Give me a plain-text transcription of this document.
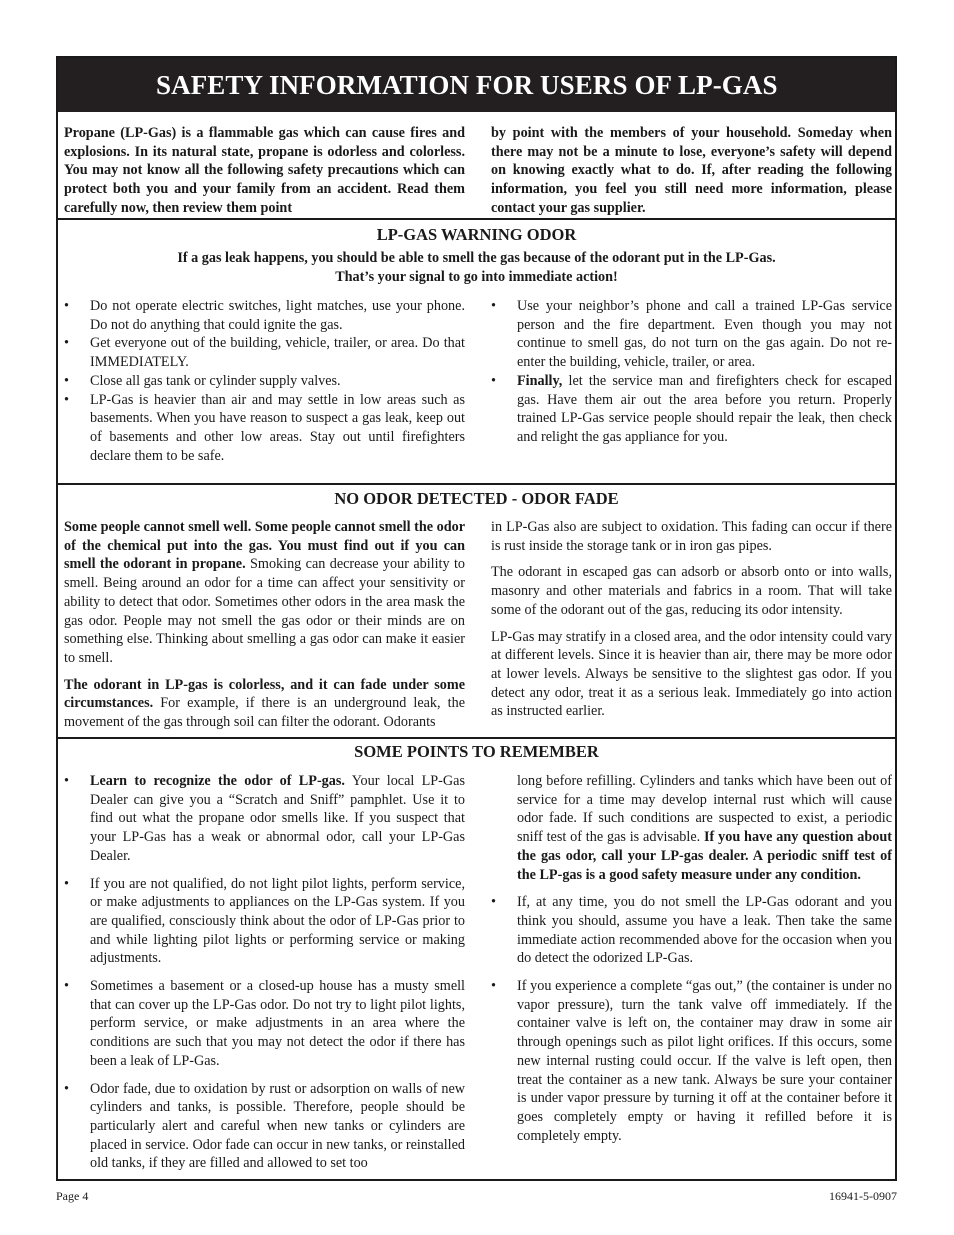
SAFETY INFORMATION FOR USERS OF LP-GAS
Propane (LP-Gas) is a flammable gas which can cause fires and explosions. In its natural state, propane is odorless and colorless. You may not know all the following safety precautions which can protect both you and your family from an accident. Read them carefully now, then review them point
by point with the members of your household. Someday when there may not be a minute to lose, everyone’s safety will depend on knowing exactly what to do. If, after reading the following information, you feel you still need more information, please contact your gas supplier.
LP-GAS WARNING ODOR
If a gas leak happens, you should be able to smell the gas because of the odorant put in the LP-Gas.
That’s your signal to go into immediate action!
• Do not operate electric switches, light matches, use your phone. Do not do anything that could ignite the gas.
• Get everyone out of the building, vehicle, trailer, or area. Do that IMMEDIATELY.
• Close all gas tank or cylinder supply valves.
• LP-Gas is heavier than air and may settle in low areas such as basements. When you have reason to suspect a gas leak, keep out of basements and other low areas. Stay out until firefighters declare them to be safe.
• Use your neighbor’s phone and call a trained LP-Gas service person and the fire department. Even though you may not continue to smell gas, do not turn on the gas again. Do not re-enter the building, vehicle, trailer, or area.
• Finally, let the service man and firefighters check for escaped gas. Have them air out the area before you return. Properly trained LP-Gas service people should repair the leak, then check and relight the gas appliance for you.
NO ODOR DETECTED - ODOR FADE

Some people cannot smell well. Some people cannot smell the odor of the chemical put into the gas. You must find out if you can smell the odorant in propane. Smoking can decrease your ability to smell. Being around an odor for a time can affect your sensitivity or ability to detect that odor. Sometimes other odors in the area mask the gas odor. People may not smell the gas odor or their minds are on something else. Thinking about smelling a gas odor can make it easier to smell.

The odorant in LP-gas is colorless, and it can fade under some circumstances. For example, if there is an underground leak, the movement of the gas through soil can filter the odorant. Odorants

in LP-Gas also are subject to oxidation. This fading can occur if there is rust inside the storage tank or in iron gas pipes.

The odorant in escaped gas can adsorb or absorb onto or into walls, masonry and other materials and fabrics in a room. That will take some of the odorant out of the gas, reducing its odor intensity.

LP-Gas may stratify in a closed area, and the odor intensity could vary at different levels. Since it is heavier than air, there may be more odor at lower levels. Always be sensitive to the slightest gas odor. If you detect any odor, treat it as a serious leak. Immediately go into action as instructed earlier.

SOME POINTS TO REMEMBER
• Learn to recognize the odor of LP-gas. Your local LP-Gas Dealer can give you a “Scratch and Sniff” pamphlet. Use it to find out what the propane odor smells like. If you suspect that your LP-Gas has a weak or abnormal odor, call your LP-Gas Dealer.
• If you are not qualified, do not light pilot lights, perform service, or make adjustments to appliances on the LP-Gas system. If you are qualified, consciously think about the odor of LP-Gas prior to and while lighting pilot lights or performing service or making adjustments.
• Sometimes a basement or a closed-up house has a musty smell that can cover up the LP-Gas odor. Do not try to light pilot lights, perform service, or make adjustments in an area where the conditions are such that you may not detect the odor if there has been a leak of LP-Gas.
• Odor fade, due to oxidation by rust or adsorption on walls of new cylinders and tanks, is possible. Therefore, people should be particularly alert and careful when new tanks or cylinders are placed in service. Odor fade can occur in new tanks, or reinstalled old tanks, if they are filled and allowed to set too
long before refilling. Cylinders and tanks which have been out of service for a time may develop internal rust which will cause odor fade. If such conditions are suspected to exist, a periodic sniff test of the gas is advisable. If you have any question about the gas odor, call your LP-gas dealer. A periodic sniff test of the LP-gas is a good safety measure under any condition.
• If, at any time, you do not smell the LP-Gas odorant and you think you should, assume you have a leak. Then take the same immediate action recommended above for the occasion when you do detect the odorized LP-Gas.
• If you experience a complete “gas out,” (the container is under no vapor pressure), turn the tank valve off immediately. If the container valve is left on, the container may draw in some air through openings such as pilot light orifices. If this occurs, some new internal rusting could occur. If the valve is left open, then treat the container as a new tank. Always be sure your container is under vapor pressure by turning it off at the container before it goes completely empty or having it refilled before it is completely empty.
Page 4	16941-5-0907
